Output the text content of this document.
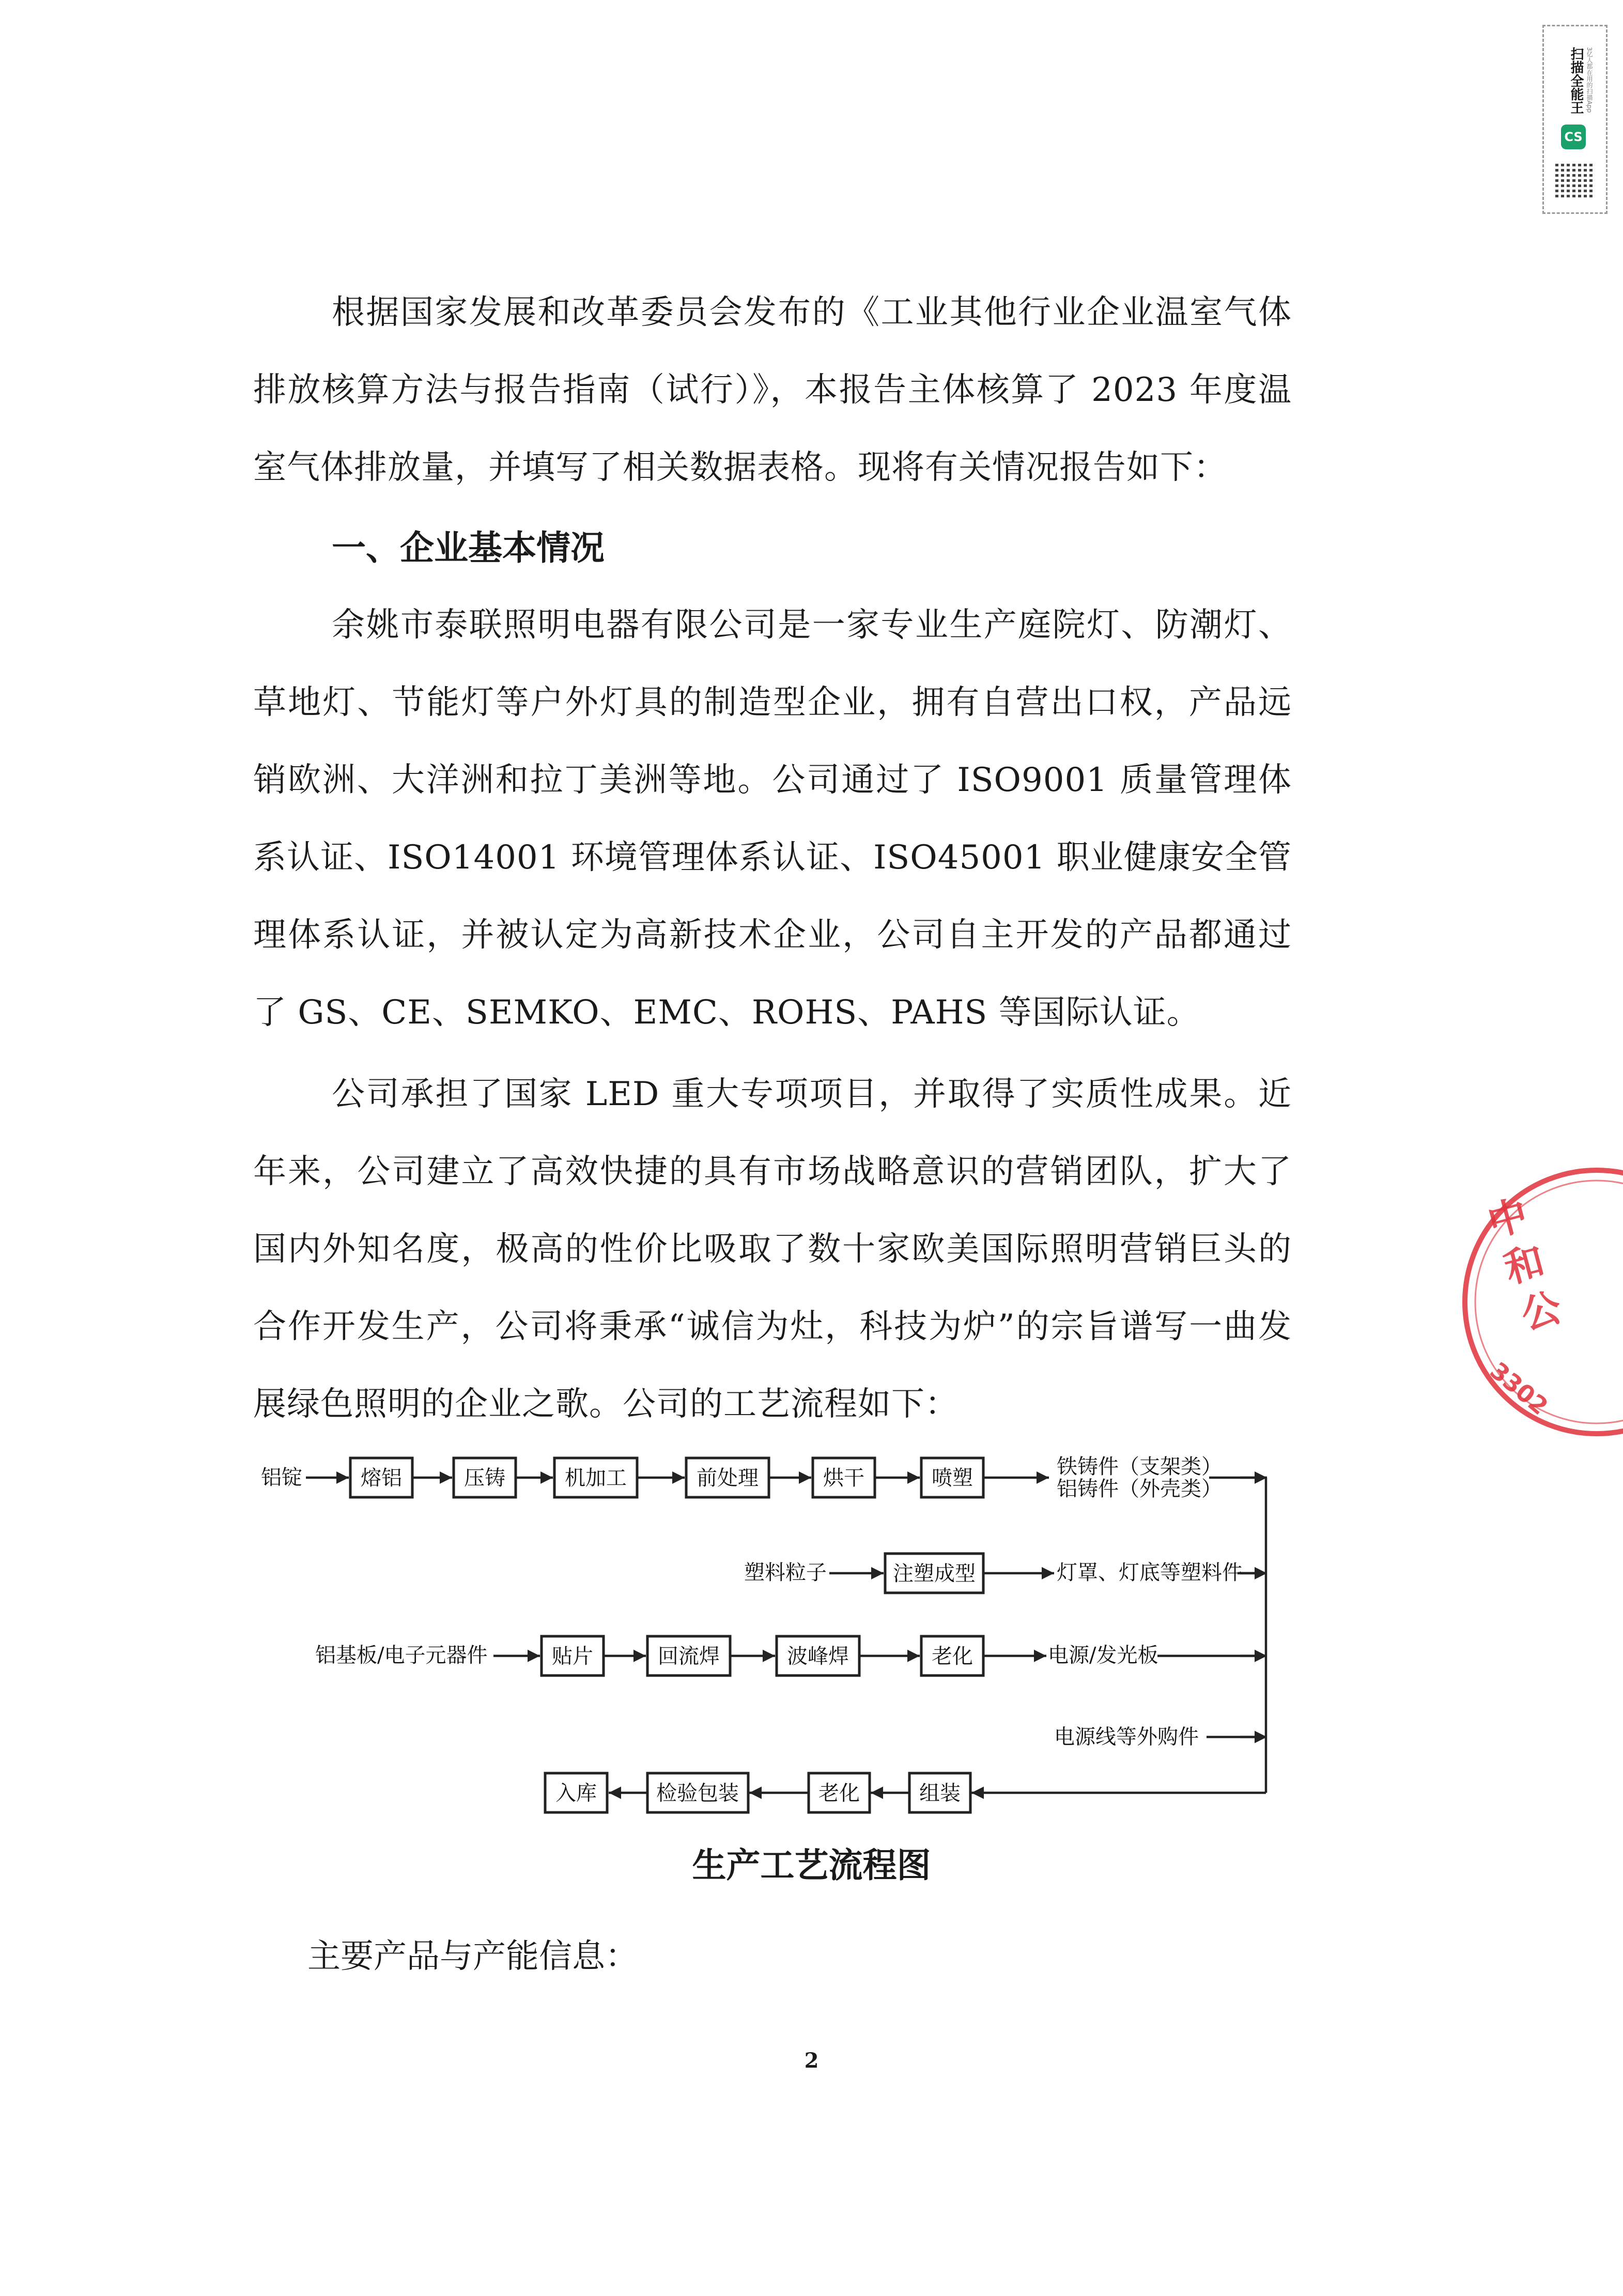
扫描全能王 3亿人都在用的扫描App
CS

根据国家发展和改革委员会发布的《工业其他行业企业温室气体排放核算方法与报告指南（试行）》，本报告主体核算了 2023 年度温室气体排放量，并填写了相关数据表格。现将有关情况报告如下：

一、企业基本情况

余姚市泰联照明电器有限公司是一家专业生产庭院灯、防潮灯、草地灯、节能灯等户外灯具的制造型企业，拥有自营出口权，产品远销欧洲、大洋洲和拉丁美洲等地。公司通过了 ISO9001 质量管理体系认证、ISO14001 环境管理体系认证、ISO45001 职业健康安全管理体系认证，并被认定为高新技术企业，公司自主开发的产品都通过了 GS、CE、SEMKO、EMC、ROHS、PAHS 等国际认证。

公司承担了国家 LED 重大专项项目，并取得了实质性成果。近年来，公司建立了高效快捷的具有市场战略意识的营销团队，扩大了国内外知名度，极高的性价比吸取了数十家欧美国际照明营销巨头的合作开发生产，公司将秉承“诚信为灶，科技为炉”的宗旨谱写一曲发展绿色照明的企业之歌。公司的工艺流程如下：

铝锭	熔铝	压铸	机加工	前处理	烘干	喷塑	铁铸件（支架类）
铝铸件（外壳类）
塑料粒子	注塑成型	灯罩、灯底等塑料件
铝基板/电子元器件	贴片	回流焊	波峰焊	老化	电源/发光板
电源线等外购件
组装
老化
检验包装
入库
生产工艺流程图

主要产品与产能信息：

2
中和公
3302
